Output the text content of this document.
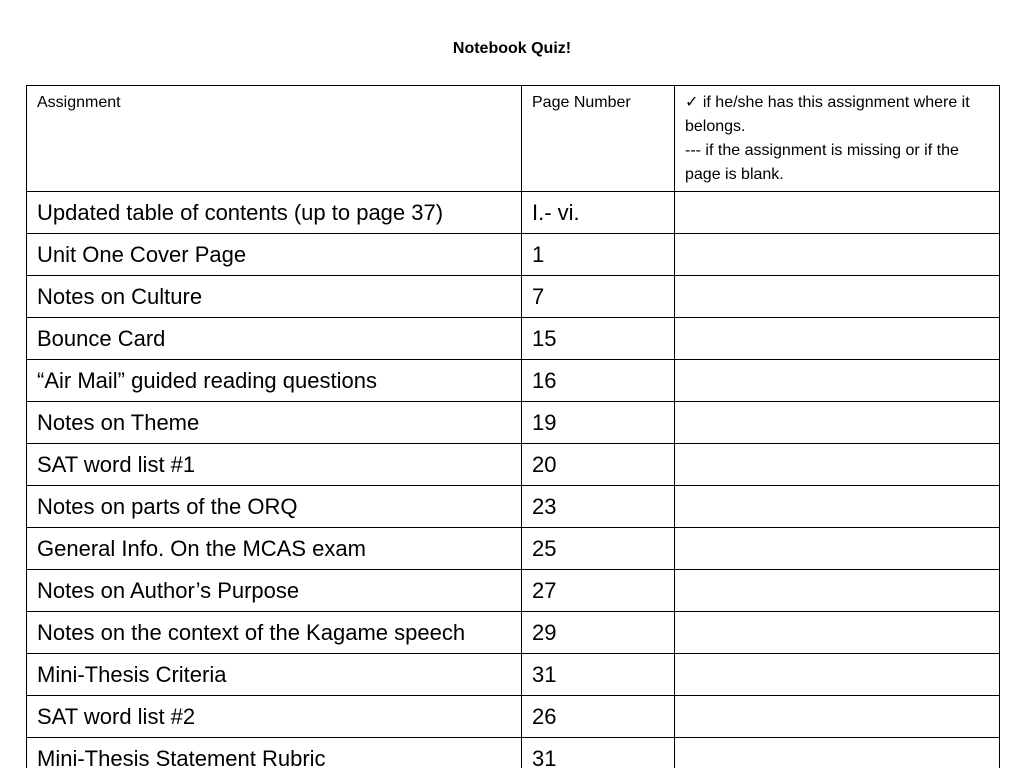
Notebook Quiz!
Assignment	Page Number	✓ if he/she has this assignment where it belongs.
--- if the assignment is missing or if the page is blank.

Updated table of contents (up to page 37)	I.- vi.	
Unit One Cover Page	1	
Notes on Culture	7	
Bounce Card	15	
“Air Mail” guided reading questions	16	
Notes on Theme	19	
SAT word list #1	20	
Notes on parts of the ORQ	23	
General Info. On the MCAS exam	25	
Notes on Author’s Purpose	27	
Notes on the context of the Kagame speech	29	
Mini-Thesis Criteria	31	
SAT word list #2	26	
Mini-Thesis Statement Rubric	31	
